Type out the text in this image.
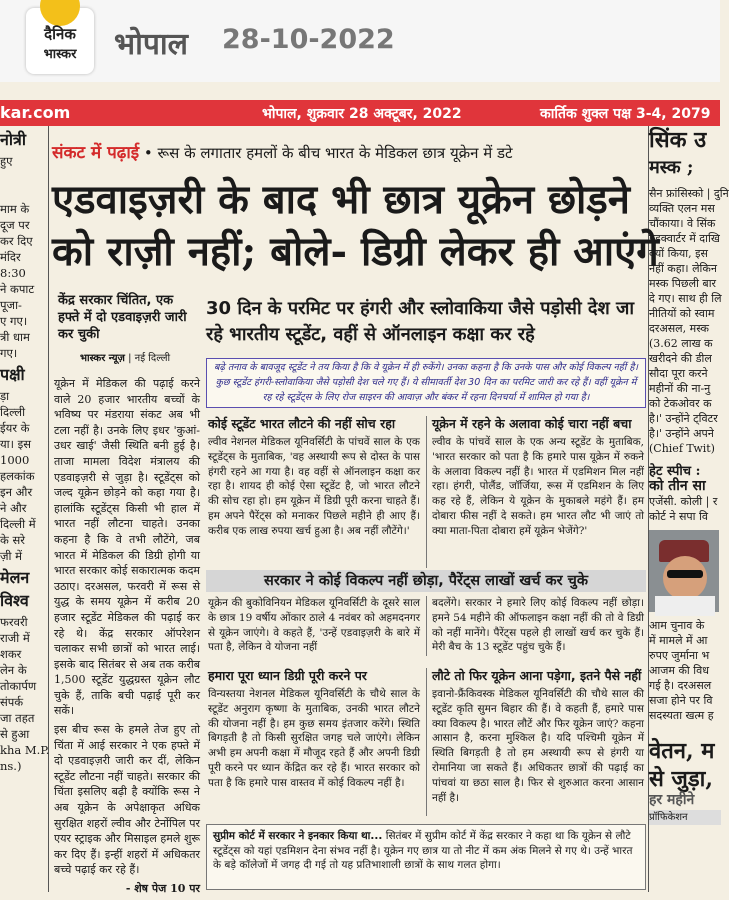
दैनिक
भास्कर	भोपाल 28-10-2022
kar.com	भोपाल, शुक्रवार 28 अक्टूबर, 2022	कार्तिक शुक्ल पक्ष 3-4, 2079

नोत्री

हुए

माम के

दूज पर

कर दिए

मंदिर

8:30

ने कपाट

पूजा-

ए गए।

त्री धाम

गए।

पक्षी

ड़ा

दिल्ली

ईयर के

या। इस

1000

हलकांक

इन और

ने और

दिल्ली में

के सरे

ज़ी में

मेलन

विश्व

फरवरी

राजी में

शकर

लेन के

तोकार्पण

संपर्क

जा तहत

से हुआ

kha M.P.

ns.)

सिंक उ
मस्क ;

सैन फ्रांसिस्को | दुनि

व्यक्ति एलन मस

चौंकाया। वे सिंक

हेडक्वार्टर में दाखि

क्यों किया, इस

नहीं कहा। लेकिन

मस्क पिछली बार

दे गए। साथ ही लि

नीतियों को स्वाम

दरअसल, मस्क

(3.62 लाख क

खरीदने की डील

सौदा पूरा करने

महीनों की ना-नु

को टेकओवर क

है।' उन्होंने ट्विटर

है।' उन्होंने अपने

(Chief Twit)

हेट स्पीच :
को तीन सा

एजेंसी. कोली | र

कोर्ट ने सपा वि

आम चुनाव के

में मामले में आ

रुपए जुर्माना भ

आजम की विध

गई है। दरअसल

सजा होने पर वि

सदस्यता खत्म ह

वेतन, म
से जुड़ा,
हर महीने
प्रॉफिकेशन
संकट में पढ़ाई • रूस के लगातार हमलों के बीच भारत के मेडिकल छात्र यूक्रेन में डटे
एडवाइज़री के बाद भी छात्र यूक्रेन छोड़ने
को राज़ी नहीं; बोले- डिग्री लेकर ही आएंगे
केंद्र सरकार चिंतित, एक हफ्ते में दो एडवाइज़री जारी कर चुकी
भास्कर न्यूज़ | नई दिल्ली
30 दिन के परमिट पर हंगरी और स्लोवाकिया जैसे पड़ोसी देश जा रहे भारतीय स्टूडेंट, वहीं से ऑनलाइन कक्षा कर रहे

यूक्रेन में मेडिकल की पढ़ाई करने वाले 20 हजार भारतीय बच्चों के भविष्य पर मंडराया संकट अब भी टला नहीं है। उनके लिए इधर 'कुआं-उधर खाई' जैसी स्थिति बनी हुई है। ताजा मामला विदेश मंत्रालय की एडवाइज़री से जुड़ा है। स्टूडेंट्स को जल्द यूक्रेन छोड़ने को कहा गया है। हालांकि स्टूडेंट्स किसी भी हाल में भारत नहीं लौटना चाहते। उनका कहना है कि वे तभी लौटेंगे, जब भारत में मेडिकल की डिग्री होगी या भारत सरकार कोई सकारात्मक कदम उठाए। दरअसल, फरवरी में रूस से युद्ध के समय यूक्रेन में करीब 20 हजार स्टूडेंट मेडिकल की पढ़ाई कर रहे थे। केंद्र सरकार ऑपरेशन चलाकर सभी छात्रों को भारत लाई। इसके बाद सितंबर से अब तक करीब 1,500 स्टूडेंट युद्धग्रस्त यूक्रेन लौट चुके हैं, ताकि बची पढ़ाई पूरी कर सकें।

इस बीच रूस के हमले तेज हुए तो चिंता में आई सरकार ने एक हफ्ते में दो एडवाइज़री जारी कर दीं, लेकिन स्टूडेंट लौटना नहीं चाहते। सरकार की चिंता इसलिए बढ़ी है क्योंकि रूस ने अब यूक्रेन के अपेक्षाकृत अधिक सुरक्षित शहरों ल्वीव और टेर्नोपिल पर एयर स्ट्राइक और मिसाइल हमले शुरू कर दिए हैं। इन्हीं शहरों में अधिकतर बच्चे पढ़ाई कर रहे हैं।

- शेष पेज 10 पर

बढ़े तनाव के बावजूद स्टूडेंट ने तय किया है कि वे यूक्रेन में ही रुकेंगे। उनका कहना है कि उनके पास और कोई विकल्प नहीं है। कुछ स्टूडेंट हंगरी-स्लोवाकिया जैसे पड़ोसी देश चले गए हैं। ये सीमावर्ती देश 30 दिन का परमिट जारी कर रहे हैं। वहीं यूक्रेन में रह रहे स्टूडेंट्स के लिए रोज साइरन की आवाज़ और बंकर में रहना दिनचर्या में शामिल हो गया है।
कोई स्टूडेंट भारत लौटने की नहीं सोच रहा

ल्वीव नेशनल मेडिकल यूनिवर्सिटी के पांचवें साल के एक स्टूडेंट्स के मुताबिक, 'वह अस्थायी रूप से दोस्त के पास हंगरी रहने आ गया है। वह वहीं से ऑनलाइन कक्षा कर रहा है। शायद ही कोई ऐसा स्टूडेंट है, जो भारत लौटने की सोच रहा हो। हम यूक्रेन में डिग्री पूरी करना चाहते हैं। हम अपने पैरेंट्स को मनाकर पिछले महीने ही आए हैं। करीब एक लाख रुपया खर्च हुआ है। अब नहीं लौटेंगे।'

यूक्रेन में रहने के अलावा कोई चारा नहीं बचा

ल्वीव के पांचवें साल के एक अन्य स्टूडेंट के मुताबिक, 'भारत सरकार को पता है कि हमारे पास यूक्रेन में रुकने के अलावा विकल्प नहीं है। भारत में एडमिशन मिल नहीं रहा। हंगरी, पोलैंड, जॉर्जिया, रूस में एडमिशन के लिए कह रहे हैं, लेकिन ये यूक्रेन के मुकाबले महंगे हैं। हम दोबारा फीस नहीं दे सकते। हम भारत लौट भी जाएं तो क्या माता-पिता दोबारा हमें यूक्रेन भेजेंगे?'

सरकार ने कोई विकल्प नहीं छोड़ा, पैरेंट्स लाखों खर्च कर चुके

यूक्रेन की बुकोविनियन मेडिकल यूनिवर्सिटी के दूसरे साल के छात्र 19 वर्षीय ओंकार ठाले 4 नवंबर को अहमदनगर से यूक्रेन जाएंगे। वे कहते हैं, 'उन्हें एडवाइज़री के बारे में पता है, लेकिन वे योजना नहीं

बदलेंगे। सरकार ने हमारे लिए कोई विकल्प नहीं छोड़ा। हमने 54 महीने की ऑफलाइन कक्षा नहीं की तो वे डिग्री को नहीं मानेंगे। पैरेंट्स पहले ही लाखों खर्च कर चुके हैं। मेरी बैच के 13 स्टूडेंट पहुंच चुके हैं।

हमारा पूरा ध्यान डिग्री पूरी करने पर

विन्यस्तया नेशनल मेडिकल यूनिवर्सिटी के चौथे साल के स्टूडेंट अनुराग कृष्णा के मुताबिक, उनकी भारत लौटने की योजना नहीं है। हम कुछ समय इंतजार करेंगे। स्थिति बिगड़ती है तो किसी सुरक्षित जगह चले जाएंगे। लेकिन अभी हम अपनी कक्षा में मौजूद रहते हैं और अपनी डिग्री पूरी करने पर ध्यान केंद्रित कर रहे हैं। भारत सरकार को पता है कि हमारे पास वास्तव में कोई विकल्प नहीं है।

लौटे तो फिर यूक्रेन आना पड़ेगा, इतने पैसे नहीं

इवानो-फ्रैंकिवस्क मेडिकल यूनिवर्सिटी की चौथे साल की स्टूडेंट कृति सुमन बिहार की हैं। वे कहती हैं, हमारे पास क्या विकल्प है। भारत लौटें और फिर यूक्रेन जाएं? कहना आसान है, करना मुश्किल है। यदि पश्चिमी यूक्रेन में स्थिति बिगड़ती है तो हम अस्थायी रूप से हंगरी या रोमानिया जा सकते हैं। अधिकतर छात्रों की पढ़ाई का पांचवां या छठा साल है। फिर से शुरुआत करना आसान नहीं है।

सुप्रीम कोर्ट में सरकार ने इनकार किया था... सितंबर में सुप्रीम कोर्ट में केंद्र सरकार ने कहा था कि यूक्रेन से लौटे स्टूडेंट्स को यहां एडमिशन देना संभव नहीं है। यूक्रेन गए छात्र या तो नीट में कम अंक मिलने से गए थे। उन्हें भारत के बड़े कॉलेजों में जगह दी गई तो यह प्रतिभाशाली छात्रों के साथ गलत होगा।
